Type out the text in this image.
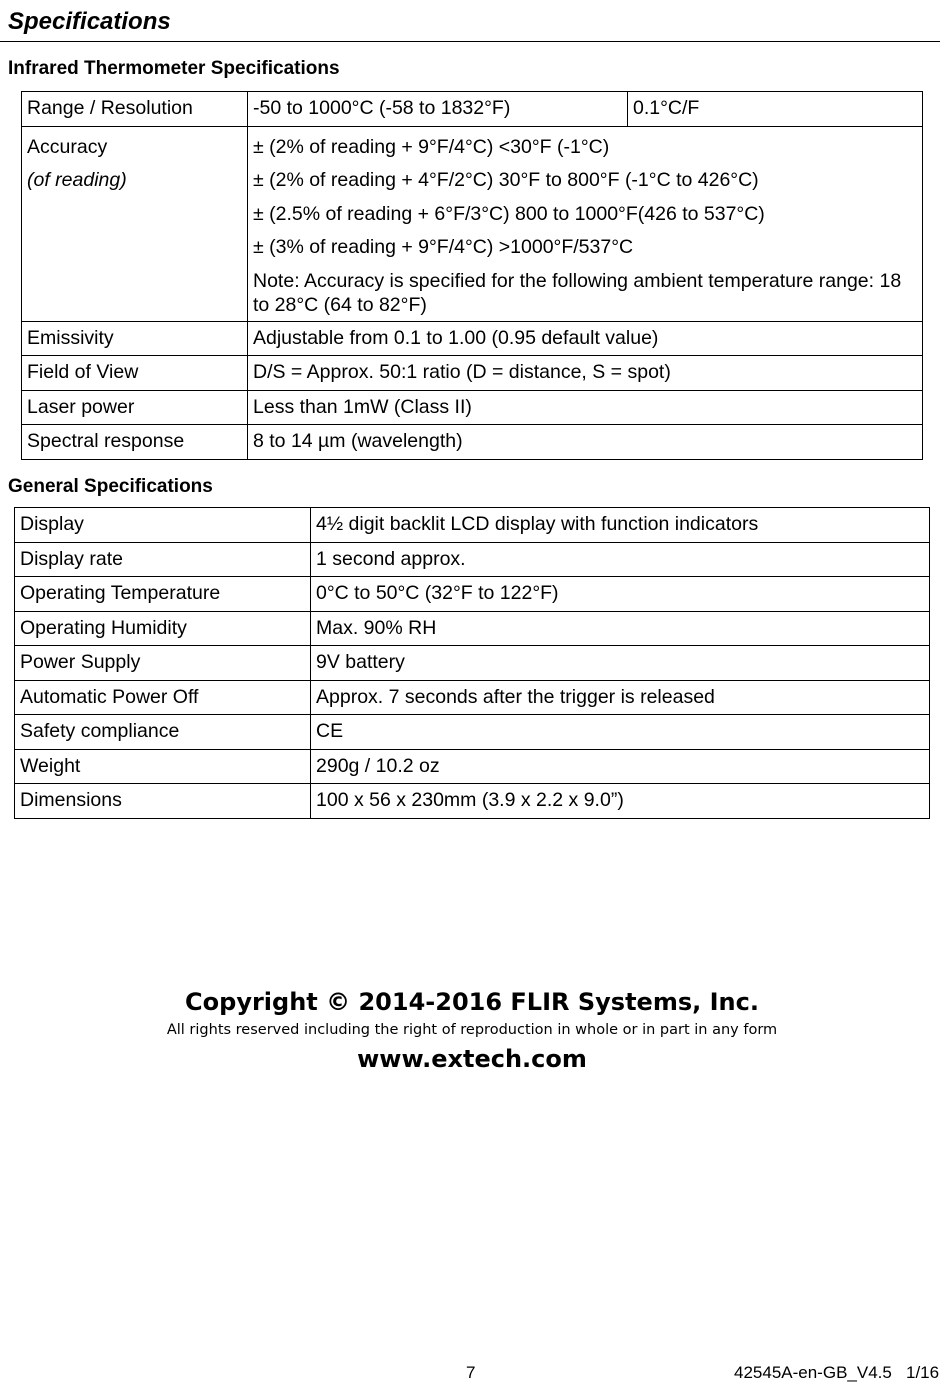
Specifications
Infrared Thermometer Specifications
Range / Resolution	-50 to 1000°C (-58 to 1832°F)	0.1°C/F

Accuracy
(of reading)	± (2% of reading + 9°F/4°C) <30°F (-1°C)
± (2% of reading + 4°F/2°C) 30°F to 800°F (-1°C to 426°C)
± (2.5% of reading + 6°F/3°C) 800 to 1000°F(426 to 537°C)
± (3% of reading + 9°F/4°C) >1000°F/537°C
Note: Accuracy is specified for the following ambient temperature range: 18 to 28°C (64 to 82°F)	

Emissivity	Adjustable from 0.1 to 1.00 (0.95 default value)	
Field of View	D/S = Approx. 50:1 ratio (D = distance, S = spot)	
Laser power	Less than 1mW (Class II)	
Spectral response	8 to 14 µm (wavelength)	
General Specifications
Display	4½ digit backlit LCD display with function indicators
Display rate	1 second approx.
Operating Temperature	0°C to 50°C (32°F to 122°F)
Operating Humidity	Max. 90% RH
Power Supply	9V battery
Automatic Power Off	Approx. 7 seconds after the trigger is released
Safety compliance	CE
Weight	290g / 10.2 oz
Dimensions	100 x 56 x 230mm (3.9 x 2.2 x 9.0”)
Copyright © 2014-2016 FLIR Systems, Inc.
All rights reserved including the right of reproduction in whole or in part in any form
www.extech.com
7	42545A-en-GB_V4.5   1/16
